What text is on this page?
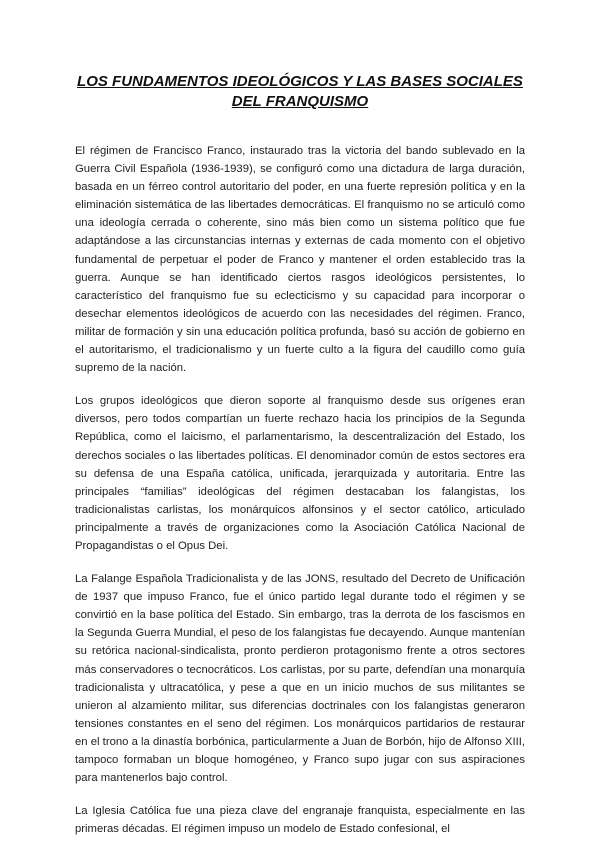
LOS FUNDAMENTOS IDEOLÓGICOS Y LAS BASES SOCIALES DEL FRANQUISMO

El régimen de Francisco Franco, instaurado tras la victoria del bando sublevado en la Guerra Civil Española (1936-1939), se configuró como una dictadura de larga duración, basada en un férreo control autoritario del poder, en una fuerte represión política y en la eliminación sistemática de las libertades democráticas. El franquismo no se articuló como una ideología cerrada o coherente, sino más bien como un sistema político que fue adaptándose a las circunstancias internas y externas de cada momento con el objetivo fundamental de perpetuar el poder de Franco y mantener el orden establecido tras la guerra. Aunque se han identificado ciertos rasgos ideológicos persistentes, lo característico del franquismo fue su eclecticismo y su capacidad para incorporar o desechar elementos ideológicos de acuerdo con las necesidades del régimen. Franco, militar de formación y sin una educación política profunda, basó su acción de gobierno en el autoritarismo, el tradicionalismo y un fuerte culto a la figura del caudillo como guía supremo de la nación.

Los grupos ideológicos que dieron soporte al franquismo desde sus orígenes eran diversos, pero todos compartían un fuerte rechazo hacia los principios de la Segunda República, como el laicismo, el parlamentarismo, la descentralización del Estado, los derechos sociales o las libertades políticas. El denominador común de estos sectores era su defensa de una España católica, unificada, jerarquizada y autoritaria. Entre las principales “familias” ideológicas del régimen destacaban los falangistas, los tradicionalistas carlistas, los monárquicos alfonsinos y el sector católico, articulado principalmente a través de organizaciones como la Asociación Católica Nacional de Propagandistas o el Opus Dei.

La Falange Española Tradicionalista y de las JONS, resultado del Decreto de Unificación de 1937 que impuso Franco, fue el único partido legal durante todo el régimen y se convirtió en la base política del Estado. Sin embargo, tras la derrota de los fascismos en la Segunda Guerra Mundial, el peso de los falangistas fue decayendo. Aunque mantenían su retórica nacional-sindicalista, pronto perdieron protagonismo frente a otros sectores más conservadores o tecnocráticos. Los carlistas, por su parte, defendían una monarquía tradicionalista y ultracatólica, y pese a que en un inicio muchos de sus militantes se unieron al alzamiento militar, sus diferencias doctrinales con los falangistas generaron tensiones constantes en el seno del régimen. Los monárquicos partidarios de restaurar en el trono a la dinastía borbónica, particularmente a Juan de Borbón, hijo de Alfonso XIII, tampoco formaban un bloque homogéneo, y Franco supo jugar con sus aspiraciones para mantenerlos bajo control.

La Iglesia Católica fue una pieza clave del engranaje franquista, especialmente en las primeras décadas. El régimen impuso un modelo de Estado confesional, el
